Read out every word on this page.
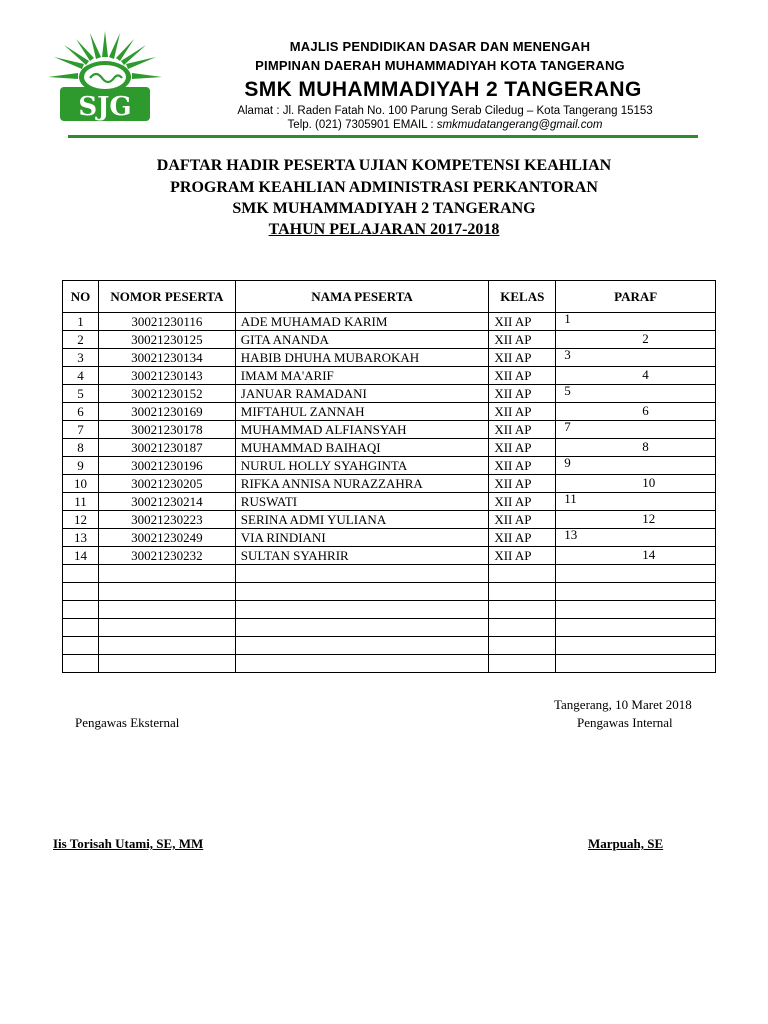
SJG
MAJLIS PENDIDIKAN DASAR DAN MENENGAH
PIMPINAN DAERAH MUHAMMADIYAH KOTA TANGERANG
SMK MUHAMMADIYAH 2 TANGERANG
Alamat : Jl. Raden Fatah No. 100 Parung Serab Ciledug – Kota Tangerang 15153
Telp. (021) 7305901 EMAIL : smkmudatangerang@gmail.com
DAFTAR HADIR PESERTA UJIAN KOMPETENSI KEAHLIAN
PROGRAM KEAHLIAN ADMINISTRASI PERKANTORAN
SMK MUHAMMADIYAH 2 TANGERANG
TAHUN PELAJARAN 2017-2018
NO	NOMOR PESERTA	NAMA PESERTA	KELAS	PARAF
1	30021230116	ADE MUHAMAD KARIM	XII AP	1

2	30021230125	GITA ANANDA	XII AP	2

3	30021230134	HABIB DHUHA MUBAROKAH	XII AP	3

4	30021230143	IMAM MA'ARIF	XII AP	4

5	30021230152	JANUAR RAMADANI	XII AP	5

6	30021230169	MIFTAHUL ZANNAH	XII AP	6

7	30021230178	MUHAMMAD ALFIANSYAH	XII AP	7

8	30021230187	MUHAMMAD BAIHAQI	XII AP	8

9	30021230196	NURUL HOLLY SYAHGINTA	XII AP	9

10	30021230205	RIFKA ANNISA NURAZZAHRA	XII AP	10

11	30021230214	RUSWATI	XII AP	11

12	30021230223	SERINA ADMI YULIANA	XII AP	12

13	30021230249	VIA RINDIANI	XII AP	13

14	30021230232	SULTAN SYAHRIR	XII AP	14

Tangerang, 10 Maret 2018
Pengawas Eksternal	Pengawas Internal
Iis Torisah Utami, SE, MM	Marpuah, SE
